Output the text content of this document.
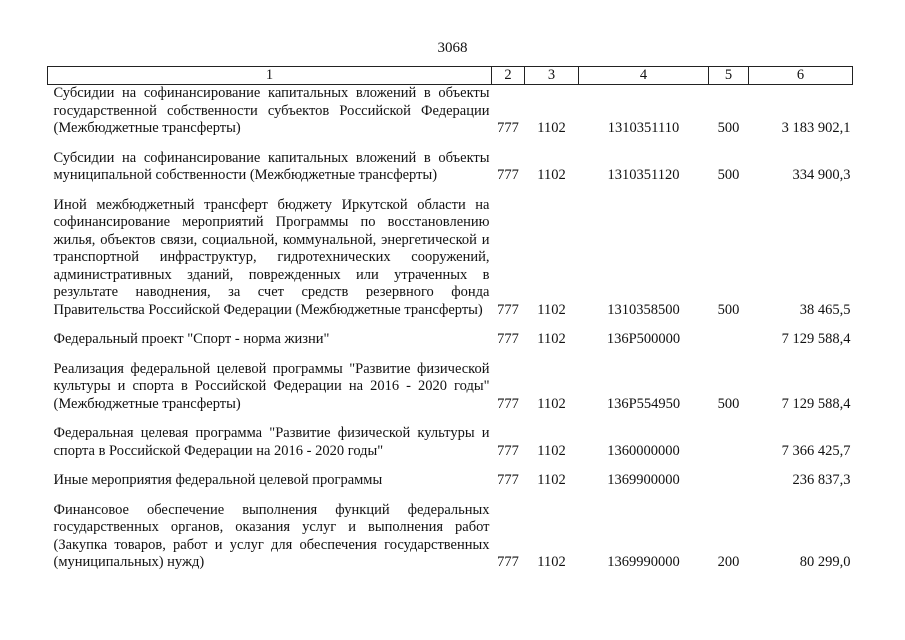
3068
1	2	3	4	5	6
Субсидии на софинансирование капитальных вложений в объекты государственной собственности субъектов Российской Федерации (Межбюджетные трансферты)	777	1102	1310351110	500	3 183 902,1
Субсидии на софинансирование капитальных вложений в объекты муниципальной собственности (Межбюджетные трансферты)	777	1102	1310351120	500	334 900,3
Иной межбюджетный трансферт бюджету Иркутской области на софинансирование мероприятий Программы по восстановлению жилья, объектов связи, социальной, коммунальной, энергетической и транспортной инфраструктур, гидротехнических сооружений, административных зданий, поврежденных или утраченных в результате наводнения, за счет средств резервного фонда Правительства Российской Федерации (Межбюджетные трансферты)	777	1102	1310358500	500	38 465,5
Федеральный проект "Спорт - норма жизни"	777	1102	136P500000		7 129 588,4
Реализация федеральной целевой программы "Развитие физической культуры и спорта в Российской Федерации на 2016 - 2020 годы" (Межбюджетные трансферты)	777	1102	136P554950	500	7 129 588,4
Федеральная целевая программа "Развитие физической культуры и спорта в Российской Федерации на 2016 - 2020 годы"	777	1102	1360000000		7 366 425,7
Иные мероприятия федеральной целевой программы	777	1102	1369900000		236 837,3
Финансовое обеспечение выполнения функций федеральных государственных органов, оказания услуг и выполнения работ (Закупка товаров, работ и услуг для обеспечения государственных (муниципальных) нужд)	777	1102	1369990000	200	80 299,0
